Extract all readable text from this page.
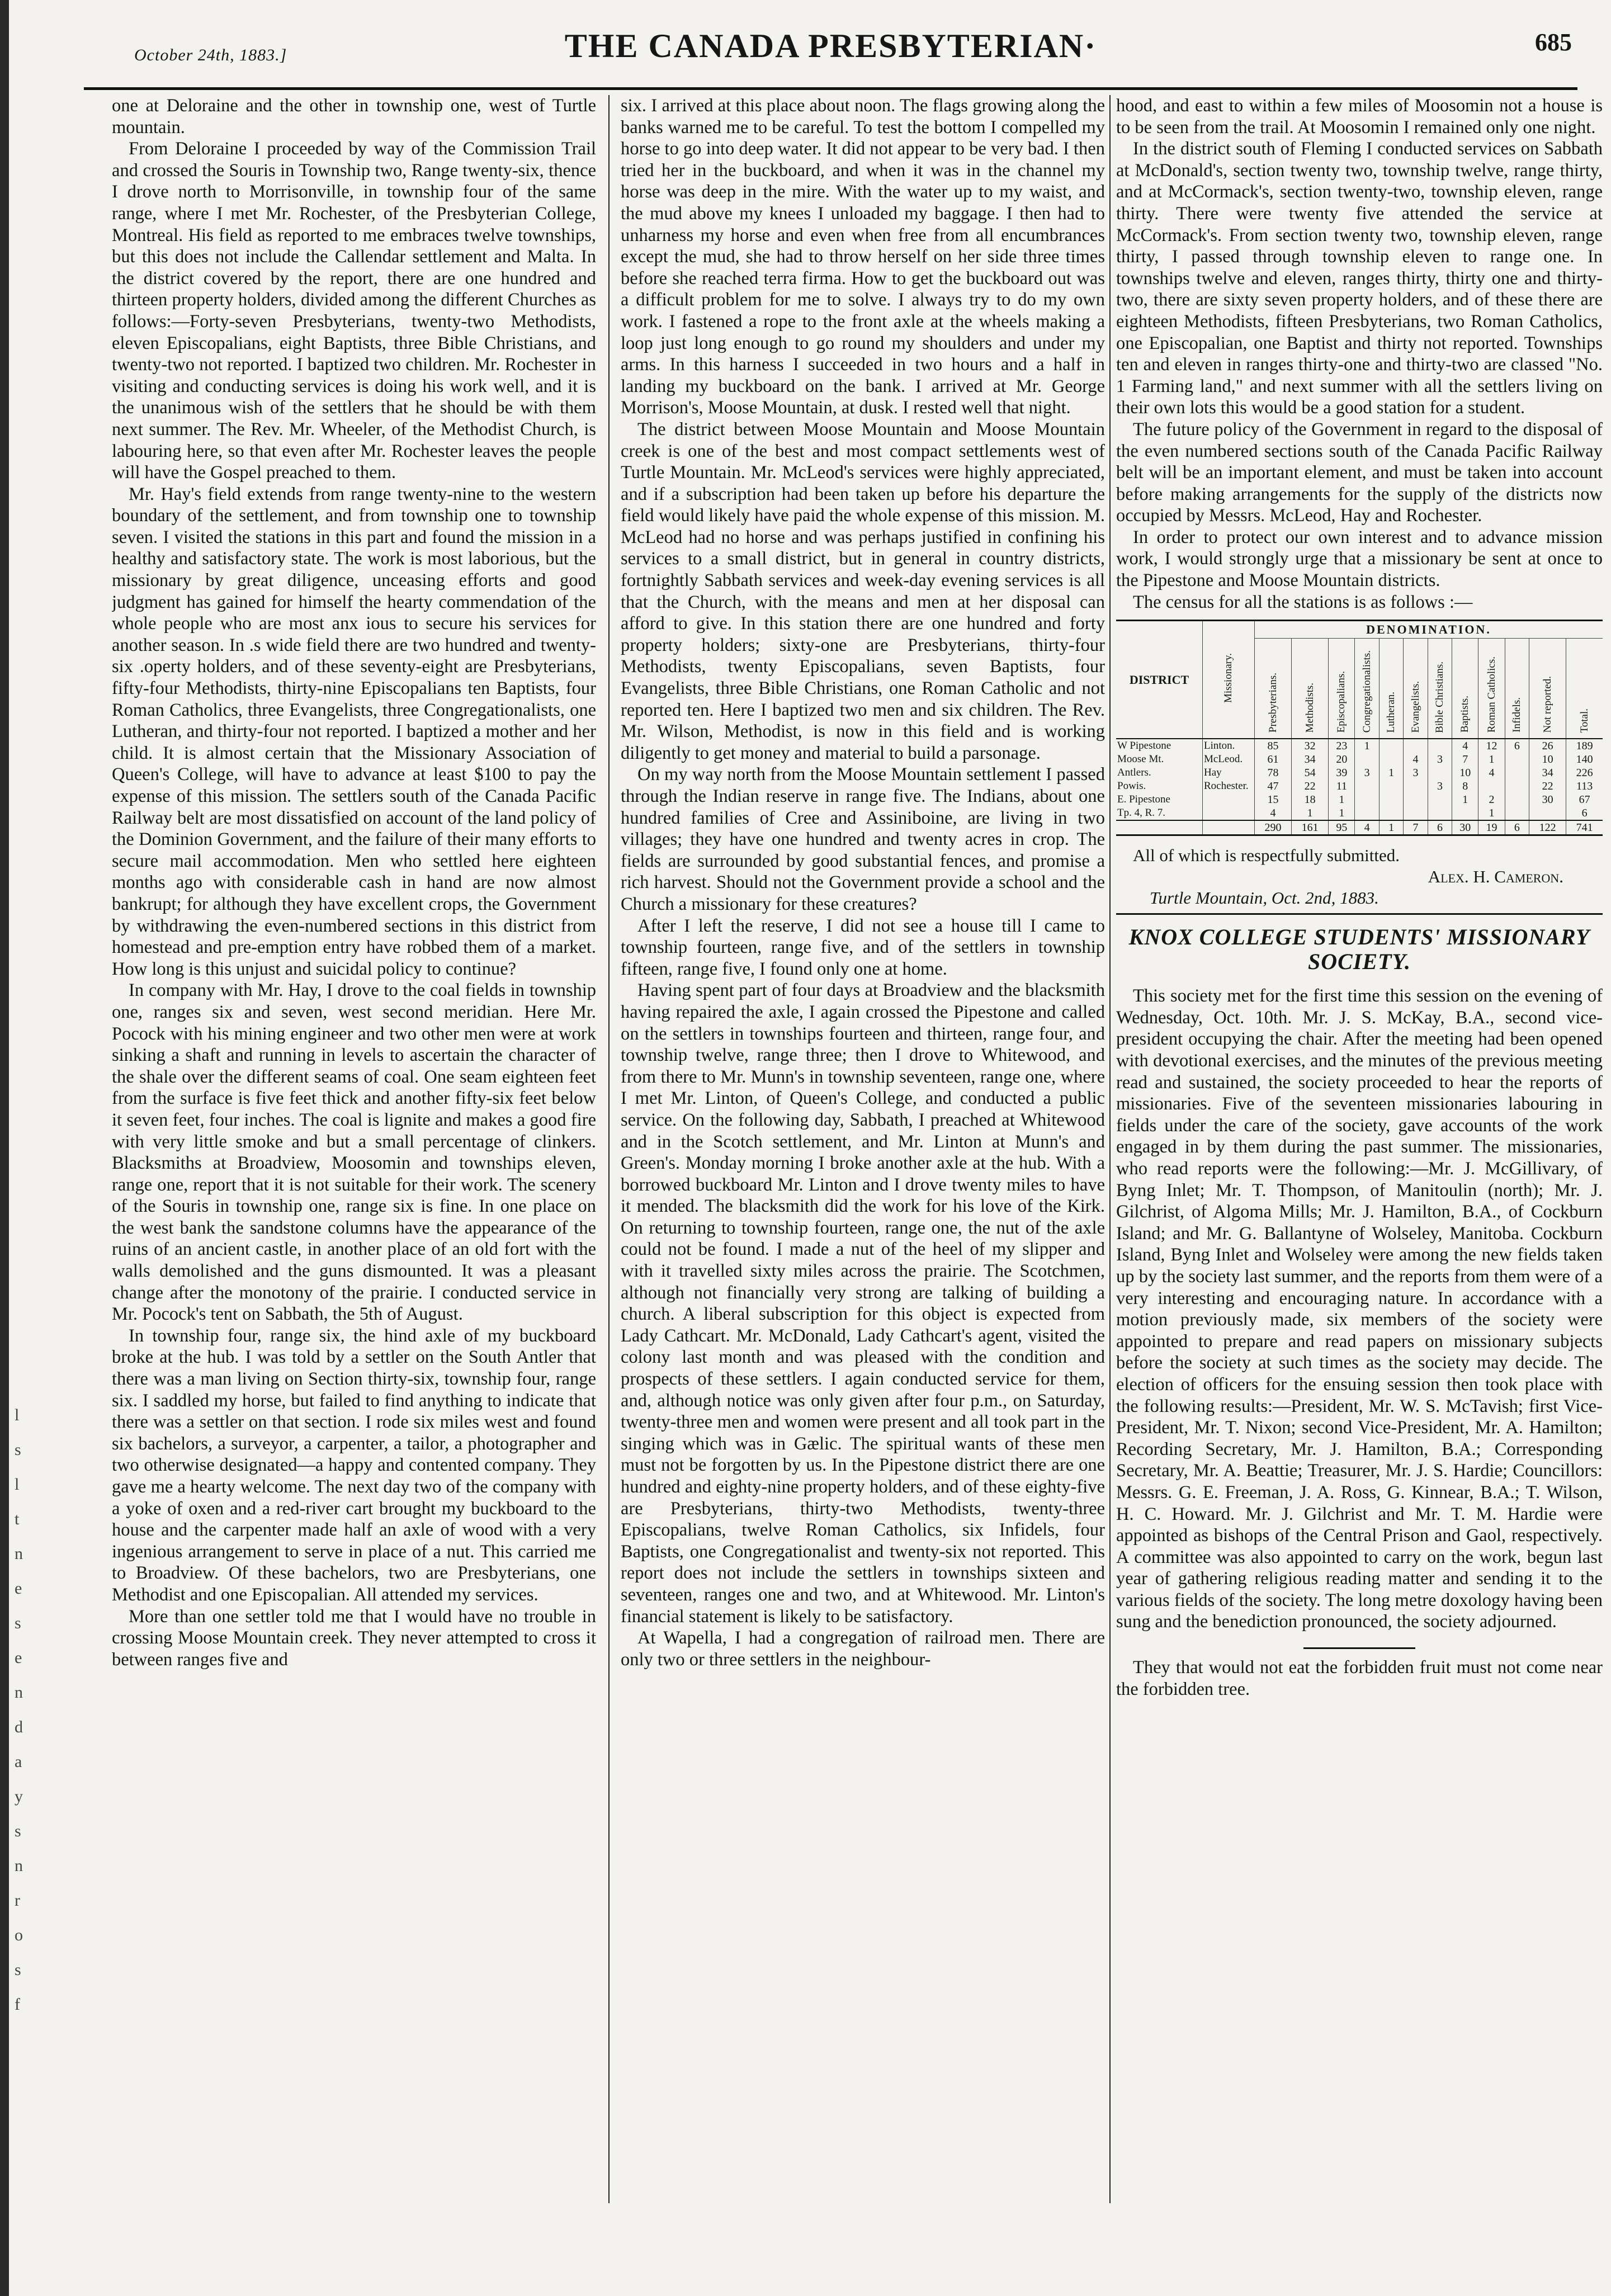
l
s
l
t
n
e
s
e
n
d
a
y
s
n
r
o
s
f
October 24th, 1883.]	THE CANADA PRESBYTERIAN·	685

one at Deloraine and the other in township one, west of Turtle mountain.

From Deloraine I proceeded by way of the Commission Trail and crossed the Souris in Township two, Range twenty-six, thence I drove north to Morrisonville, in township four of the same range, where I met Mr. Rochester, of the Presbyterian College, Montreal. His field as reported to me embraces twelve townships, but this does not include the Callendar settlement and Malta. In the district covered by the report, there are one hundred and thirteen property holders, divided among the different Churches as follows:—Forty-seven Presbyterians, twenty-two Methodists, eleven Episcopalians, eight Baptists, three Bible Christians, and twenty-two not reported. I baptized two children. Mr. Rochester in visiting and conducting services is doing his work well, and it is the unanimous wish of the settlers that he should be with them next summer. The Rev. Mr. Wheeler, of the Methodist Church, is labouring here, so that even after Mr. Rochester leaves the people will have the Gospel preached to them.

Mr. Hay's field extends from range twenty-nine to the western boundary of the settlement, and from township one to township seven. I visited the stations in this part and found the mission in a healthy and satisfactory state. The work is most laborious, but the missionary by great diligence, unceasing efforts and good judgment has gained for himself the hearty commendation of the whole people who are most anx ious to secure his services for another season. In .s wide field there are two hundred and twenty-six .operty holders, and of these seventy-eight are Presbyterians, fifty-four Methodists, thirty-nine Episcopalians ten Baptists, four Roman Catholics, three Evangelists, three Congregationalists, one Lutheran, and thirty-four not reported. I baptized a mother and her child. It is almost certain that the Missionary Association of Queen's College, will have to advance at least $100 to pay the expense of this mission. The settlers south of the Canada Pacific Railway belt are most dissatisfied on account of the land policy of the Dominion Government, and the failure of their many efforts to secure mail accommodation. Men who settled here eighteen months ago with considerable cash in hand are now almost bankrupt; for although they have excellent crops, the Government by withdrawing the even-numbered sections in this district from homestead and pre-emption entry have robbed them of a market. How long is this unjust and suicidal policy to continue?

In company with Mr. Hay, I drove to the coal fields in township one, ranges six and seven, west second meridian. Here Mr. Pocock with his mining engineer and two other men were at work sinking a shaft and running in levels to ascertain the character of the shale over the different seams of coal. One seam eighteen feet from the surface is five feet thick and another fifty-six feet below it seven feet, four inches. The coal is lignite and makes a good fire with very little smoke and but a small percentage of clinkers. Blacksmiths at Broadview, Moosomin and townships eleven, range one, report that it is not suitable for their work. The scenery of the Souris in township one, range six is fine. In one place on the west bank the sandstone columns have the appearance of the ruins of an ancient castle, in another place of an old fort with the walls demolished and the guns dismounted. It was a pleasant change after the monotony of the prairie. I conducted service in Mr. Pocock's tent on Sabbath, the 5th of August.

In township four, range six, the hind axle of my buckboard broke at the hub. I was told by a settler on the South Antler that there was a man living on Section thirty-six, township four, range six. I saddled my horse, but failed to find anything to indicate that there was a settler on that section. I rode six miles west and found six bachelors, a surveyor, a carpenter, a tailor, a photographer and two otherwise designated—a happy and contented company. They gave me a hearty welcome. The next day two of the company with a yoke of oxen and a red-river cart brought my buckboard to the house and the carpenter made half an axle of wood with a very ingenious arrangement to serve in place of a nut. This carried me to Broadview. Of these bachelors, two are Presbyterians, one Methodist and one Episcopalian. All attended my services.

More than one settler told me that I would have no trouble in crossing Moose Mountain creek. They never attempted to cross it between ranges five and

six. I arrived at this place about noon. The flags growing along the banks warned me to be careful. To test the bottom I compelled my horse to go into deep water. It did not appear to be very bad. I then tried her in the buckboard, and when it was in the channel my horse was deep in the mire. With the water up to my waist, and the mud above my knees I unloaded my baggage. I then had to unharness my horse and even when free from all encumbrances except the mud, she had to throw herself on her side three times before she reached terra firma. How to get the buckboard out was a difficult problem for me to solve. I always try to do my own work. I fastened a rope to the front axle at the wheels making a loop just long enough to go round my shoulders and under my arms. In this harness I succeeded in two hours and a half in landing my buckboard on the bank. I arrived at Mr. George Morrison's, Moose Mountain, at dusk. I rested well that night.

The district between Moose Mountain and Moose Mountain creek is one of the best and most compact settlements west of Turtle Mountain. Mr. McLeod's services were highly appreciated, and if a subscription had been taken up before his departure the field would likely have paid the whole expense of this mission. M. McLeod had no horse and was perhaps justified in confining his services to a small district, but in general in country districts, fortnightly Sabbath services and week-day evening services is all that the Church, with the means and men at her disposal can afford to give. In this station there are one hundred and forty property holders; sixty-one are Presbyterians, thirty-four Methodists, twenty Episcopalians, seven Baptists, four Evangelists, three Bible Christians, one Roman Catholic and not reported ten. Here I baptized two men and six children. The Rev. Mr. Wilson, Methodist, is now in this field and is working diligently to get money and material to build a parsonage.

On my way north from the Moose Mountain settlement I passed through the Indian reserve in range five. The Indians, about one hundred families of Cree and Assiniboine, are living in two villages; they have one hundred and twenty acres in crop. The fields are surrounded by good substantial fences, and promise a rich harvest. Should not the Government provide a school and the Church a missionary for these creatures?

After I left the reserve, I did not see a house till I came to township fourteen, range five, and of the settlers in township fifteen, range five, I found only one at home.

Having spent part of four days at Broadview and the blacksmith having repaired the axle, I again crossed the Pipestone and called on the settlers in townships fourteen and thirteen, range four, and township twelve, range three; then I drove to Whitewood, and from there to Mr. Munn's in township seventeen, range one, where I met Mr. Linton, of Queen's College, and conducted a public service. On the following day, Sabbath, I preached at Whitewood and in the Scotch settlement, and Mr. Linton at Munn's and Green's. Monday morning I broke another axle at the hub. With a borrowed buckboard Mr. Linton and I drove twenty miles to have it mended. The blacksmith did the work for his love of the Kirk. On returning to township fourteen, range one, the nut of the axle could not be found. I made a nut of the heel of my slipper and with it travelled sixty miles across the prairie. The Scotchmen, although not financially very strong are talking of building a church. A liberal subscription for this object is expected from Lady Cathcart. Mr. McDonald, Lady Cathcart's agent, visited the colony last month and was pleased with the condition and prospects of these settlers. I again conducted service for them, and, although notice was only given after four p.m., on Saturday, twenty-three men and women were present and all took part in the singing which was in Gælic. The spiritual wants of these men must not be forgotten by us. In the Pipestone district there are one hundred and eighty-nine property holders, and of these eighty-five are Presbyterians, thirty-two Methodists, twenty-three Episcopalians, twelve Roman Catholics, six Infidels, four Baptists, one Congregationalist and twenty-six not reported. This report does not include the settlers in townships sixteen and seventeen, ranges one and two, and at Whitewood. Mr. Linton's financial statement is likely to be satisfactory.

At Wapella, I had a congregation of railroad men. There are only two or three settlers in the neighbour-

hood, and east to within a few miles of Moosomin not a house is to be seen from the trail. At Moosomin I remained only one night.

In the district south of Fleming I conducted services on Sabbath at McDonald's, section twenty two, township twelve, range thirty, and at McCormack's, section twenty-two, township eleven, range thirty. There were twenty five attended the service at McCormack's. From section twenty two, township eleven, range thirty, I passed through township eleven to range one. In townships twelve and eleven, ranges thirty, thirty one and thirty-two, there are sixty seven property holders, and of these there are eighteen Methodists, fifteen Presbyterians, two Roman Catholics, one Episcopalian, one Baptist and thirty not reported. Townships ten and eleven in ranges thirty-one and thirty-two are classed "No. 1 Farming land," and next summer with all the settlers living on their own lots this would be a good station for a student.

The future policy of the Government in regard to the disposal of the even numbered sections south of the Canada Pacific Railway belt will be an important element, and must be taken into account before making arrangements for the supply of the districts now occupied by Messrs. McLeod, Hay and Rochester.

In order to protect our own interest and to advance mission work, I would strongly urge that a missionary be sent at once to the Pipestone and Moose Mountain districts.

The census for all the stations is as follows :—

DISTRICT	Missionary.	DENOMINATION.											
		Presbyterians.	Methodists.	Episcopalians.	Congregationalists.	Lutheran.	Evangelists.	Bible Christians.	Baptists.	Roman Catholics.	Infidels.	Not reported.	Total.
W Pipestone	Linton.	85	32	23	1				4	12	6	26	189
Moose Mt.	McLeod.	61	34	20			4	3	7	1		10	140
Antlers.	Hay	78	54	39	3	1	3		10	4		34	226
Powis.	Rochester.	47	22	11				3	8			22	113
E. Pipestone		15	18	1					1	2		30	67
Tp. 4, R. 7.		4	1	1						1			6
		290	161	95	4	1	7	6	30	19	6	122	741

All of which is respectfully submitted.

Alex. H. Cameron.

Turtle Mountain, Oct. 2nd, 1883.

KNOX COLLEGE STUDENTS' MISSIONARY SOCIETY.

This society met for the first time this session on the evening of Wednesday, Oct. 10th. Mr. J. S. McKay, B.A., second vice-president occupying the chair. After the meeting had been opened with devotional exercises, and the minutes of the previous meeting read and sustained, the society proceeded to hear the reports of missionaries. Five of the seventeen missionaries labouring in fields under the care of the society, gave accounts of the work engaged in by them during the past summer. The missionaries, who read reports were the following:—Mr. J. McGillivary, of Byng Inlet; Mr. T. Thompson, of Manitoulin (north); Mr. J. Gilchrist, of Algoma Mills; Mr. J. Hamilton, B.A., of Cockburn Island; and Mr. G. Ballantyne of Wolseley, Manitoba. Cockburn Island, Byng Inlet and Wolseley were among the new fields taken up by the society last summer, and the reports from them were of a very interesting and encouraging nature. In accordance with a motion previously made, six members of the society were appointed to prepare and read papers on missionary subjects before the society at such times as the society may decide. The election of officers for the ensuing session then took place with the following results:—President, Mr. W. S. McTavish; first Vice-President, Mr. T. Nixon; second Vice-President, Mr. A. Hamilton; Recording Secretary, Mr. J. Hamilton, B.A.; Corresponding Secretary, Mr. A. Beattie; Treasurer, Mr. J. S. Hardie; Councillors: Messrs. G. E. Freeman, J. A. Ross, G. Kinnear, B.A.; T. Wilson, H. C. Howard. Mr. J. Gilchrist and Mr. T. M. Hardie were appointed as bishops of the Central Prison and Gaol, respectively. A committee was also appointed to carry on the work, begun last year of gathering religious reading matter and sending it to the various fields of the society. The long metre doxology having been sung and the benediction pronounced, the society adjourned.

They that would not eat the forbidden fruit must not come near the forbidden tree.
